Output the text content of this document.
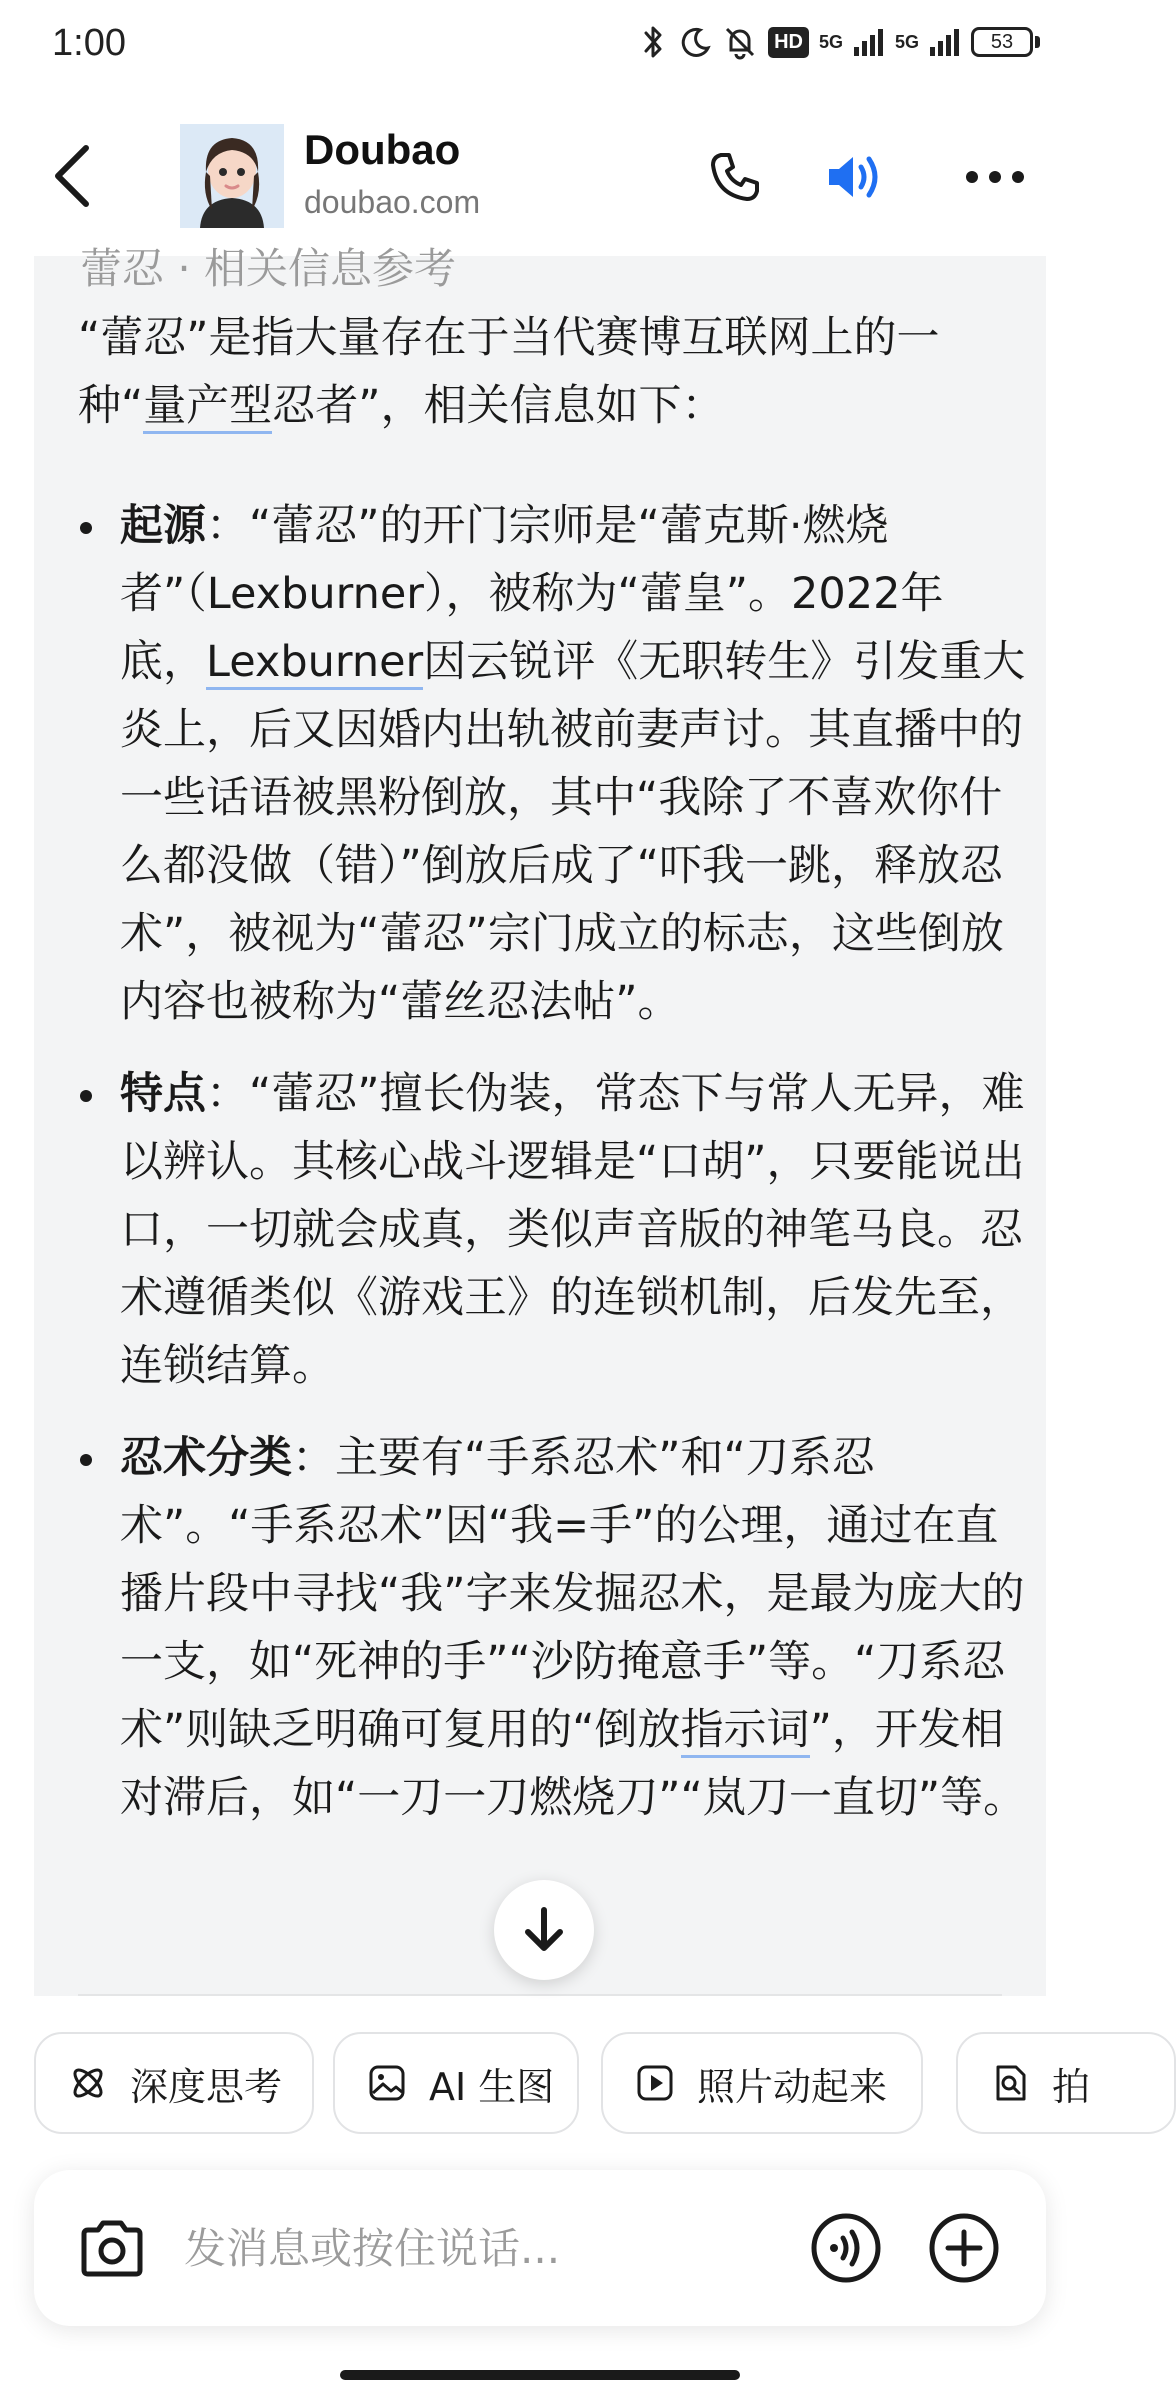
1:00	HD 5G	5G	53
Doubao
doubao.com
蕾忍 · 相关信息参考

“蕾忍”是指大量存在于当代赛博互联网上的一种“量产型忍者”，相关信息如下：

起源：“蕾忍”的开门宗师是“蕾克斯·燃烧者”（Lexburner），被称为“蕾皇”。2022年底，Lexburner因云锐评《无职转生》引发重大炎上，后又因婚内出轨被前妻声讨。其直播中的一些话语被黑粉倒放，其中“我除了不喜欢你什么都没做（错）”倒放后成了“吓我一跳，释放忍术”，被视为“蕾忍”宗门成立的标志，这些倒放内容也被称为“蕾丝忍法帖”。
特点：“蕾忍”擅长伪装，常态下与常人无异，难以辨认。其核心战斗逻辑是“口胡”，只要能说出口，一切就会成真，类似声音版的神笔马良。忍术遵循类似《游戏王》的连锁机制，后发先至，连锁结算。
忍术分类：主要有“手系忍术”和“刀系忍术”。“手系忍术”因“我=手”的公理，通过在直播片段中寻找“我”字来发掘忍术，是最为庞大的一支，如“死神的手”“沙防掩意手”等。“刀系忍术”则缺乏明确可复用的“倒放指示词”，开发相对滞后，如“一刀一刀燃烧刀”“岚刀一直切”等。
深度思考	AI 生图	照片动起来	拍
发消息或按住说话...
